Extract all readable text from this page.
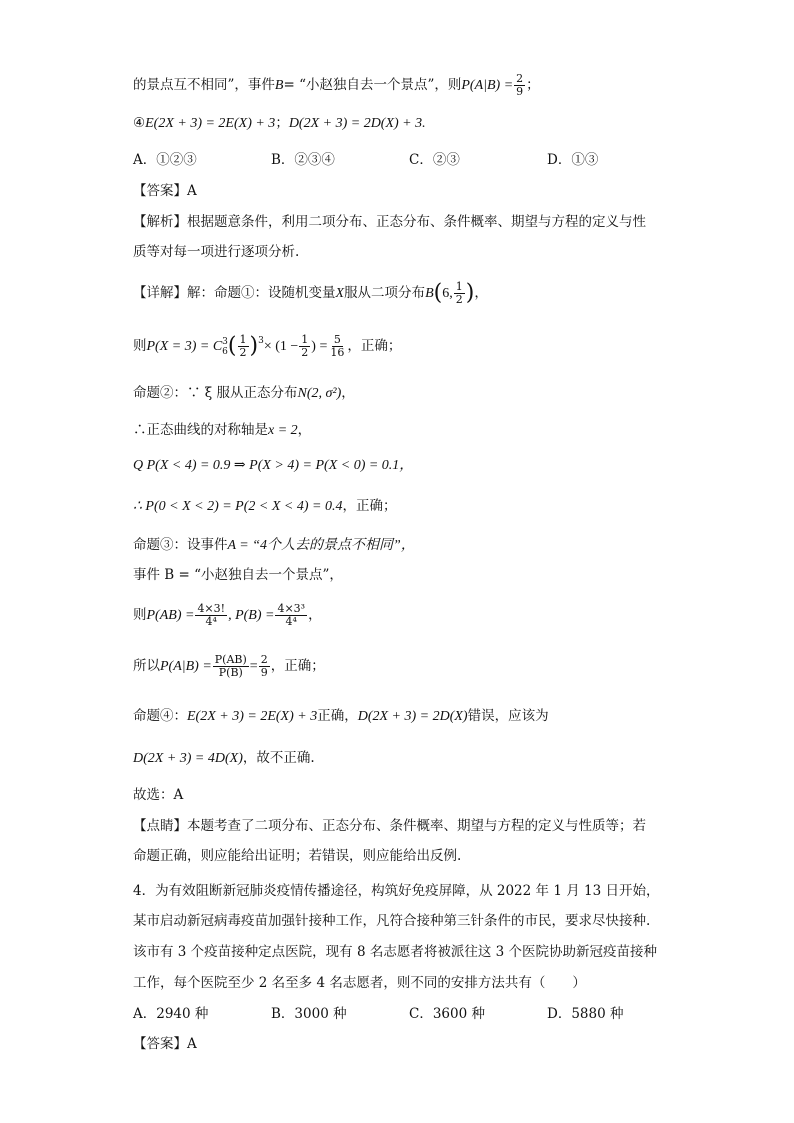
的景点互不相同”，事件B= “小赵独自去一个景点”，则$P(A|B) = \frac{2}{9}$ ；
④E(2X + 3) = 2E(X) + 3；D(2X + 3) = 2D(X) + 3.
A．①②③	B．②③④	C．②③	D．①③
【答案】A
【解析】根据题意条件，利用二项分布、正态分布、条件概率、期望与方程的定义与性
质等对每一项进行逐项分析.
【详解】解：命题①：设随机变量X服从二项分布B(6, $\frac{1}{2}$ )，
则P(X = 3) = C 3
6 ( $\frac{1}{2} )^3\times (1 - \frac{1}{2}$ ) = $\frac{5}{16}$ ，正确；
命题②：∵ ξ 服从正态分布N(2, σ²)，
∴正态曲线的对称轴是x = 2，
Q P(X < 4) = 0.9 ⇒ P(X > 4) = P(X < 0) = 0.1，
∴ P(0 < X < 2) = P(2 < X < 4) = 0.4，正确；
命题③：设事件A = “4个人去的景点不相同”，
事件 B = “小赵独自去一个景点”，
则$P(AB) = \frac{4\times 3!}{\text{4⁴}}$ , $P(B) = \frac{\text{4×3³}}{\text{4⁴}}$ ，
所以$P(A|B) = \frac{P(AB)}{P(B)} = \frac{2}{9}$ ，正确；
命题④：E(2X + 3) = 2E(X) + 3正确，D(2X + 3) = 2D(X)错误，应该为
D(2X + 3) = 4D(X)，故不正确.
故选：A
【点睛】本题考查了二项分布、正态分布、条件概率、期望与方程的定义与性质等；若
命题正确，则应能给出证明；若错误，则应能给出反例.
4．为有效阻断新冠肺炎疫情传播途径，构筑好免疫屏障，从 2022 年 1 月 13 日开始，
某市启动新冠病毒疫苗加强针接种工作，凡符合接种第三针条件的市民，要求尽快接种.
该市有 3 个疫苗接种定点医院，现有 8 名志愿者将被派往这 3 个医院协助新冠疫苗接种
工作，每个医院至少 2 名至多 4 名志愿者，则不同的安排方法共有（　　）
A．2940 种	B．3000 种	C．3600 种	D．5880 种
【答案】A
